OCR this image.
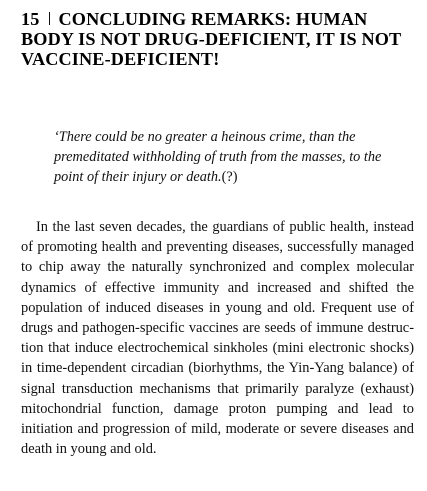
15 CONCLUDING REMARKS: HUMAN BODY IS NOT DRUG-DEFICIENT, IT IS NOT VACCINE-DEFICIENT!
‘There could be no greater a heinous crime, than the premeditated withholding of truth from the masses, to the point of their injury or death.(?)

In the last seven decades, the guardians of public health, instead of promoting health and preventing diseases, successfully managed to chip away the naturally synchronized and complex molecular dynamics of effective immunity and increased and shifted the population of induced diseases in young and old. Frequent use of drugs and pathogen-specific vaccines are seeds of immune destruction that induce electrochemical sinkholes (mini electronic shocks) in time-dependent circadian (biorhythms, the Yin-Yang balance) of signal transduction mechanisms that primarily paralyze (exhaust) mitochondrial function, damage proton pumping and lead to initiation and progression of mild, moderate or severe diseases and death in young and old.
